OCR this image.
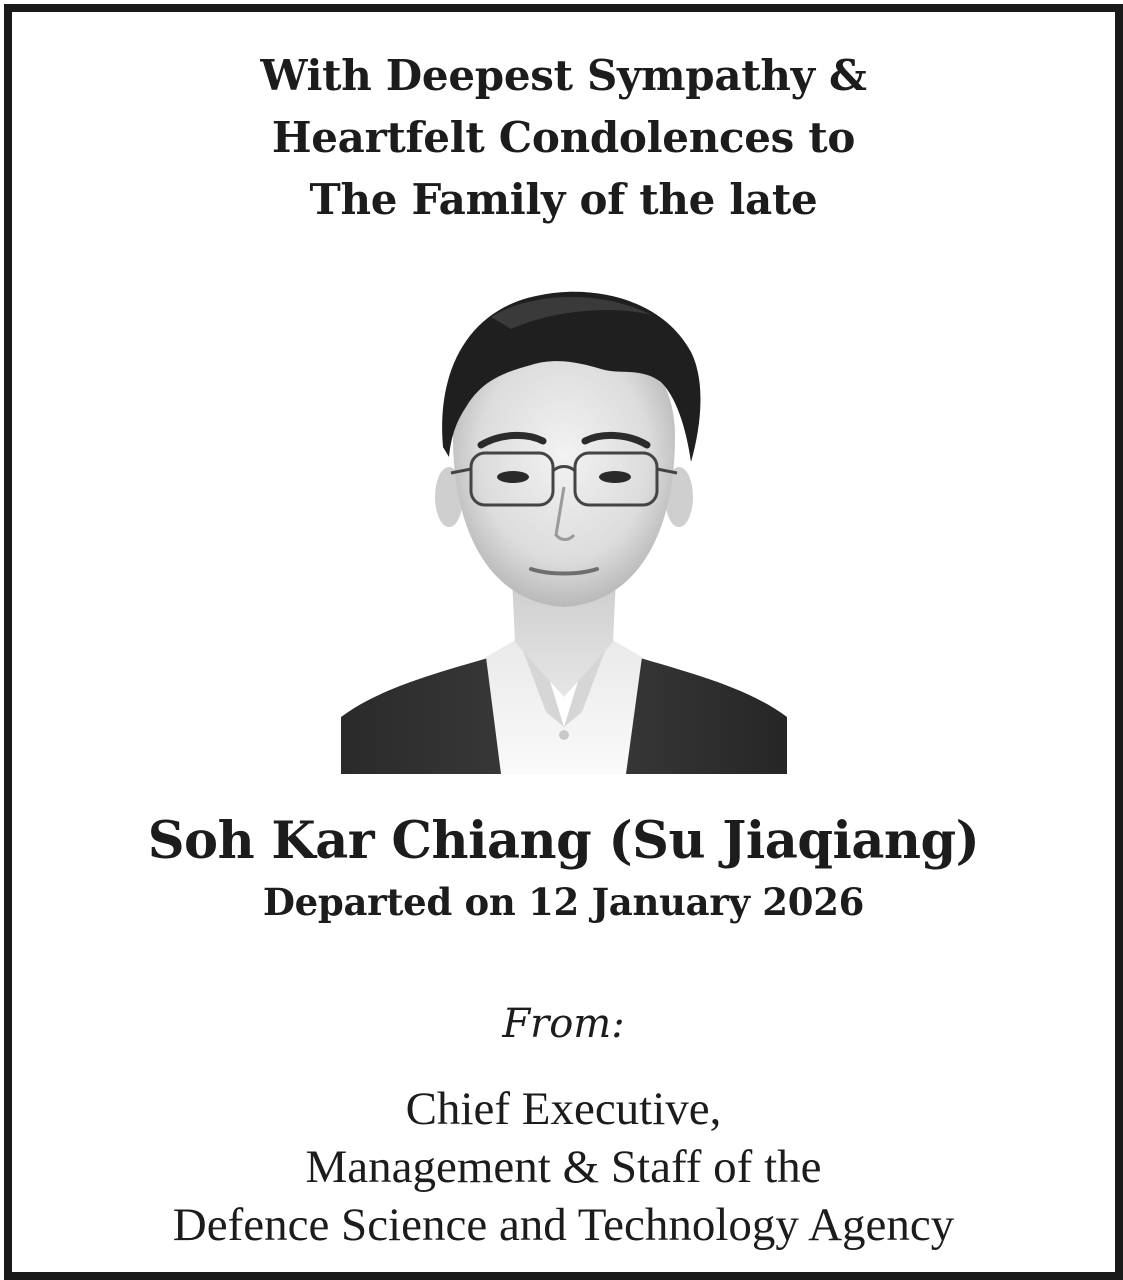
With Deepest Sympathy &
Heartfelt Condolences to
The Family of the late
Soh Kar Chiang (Su Jiaqiang)
Departed on 12 January 2026
From:
Chief Executive,
Management & Staff of the
Defence Science and Technology Agency
